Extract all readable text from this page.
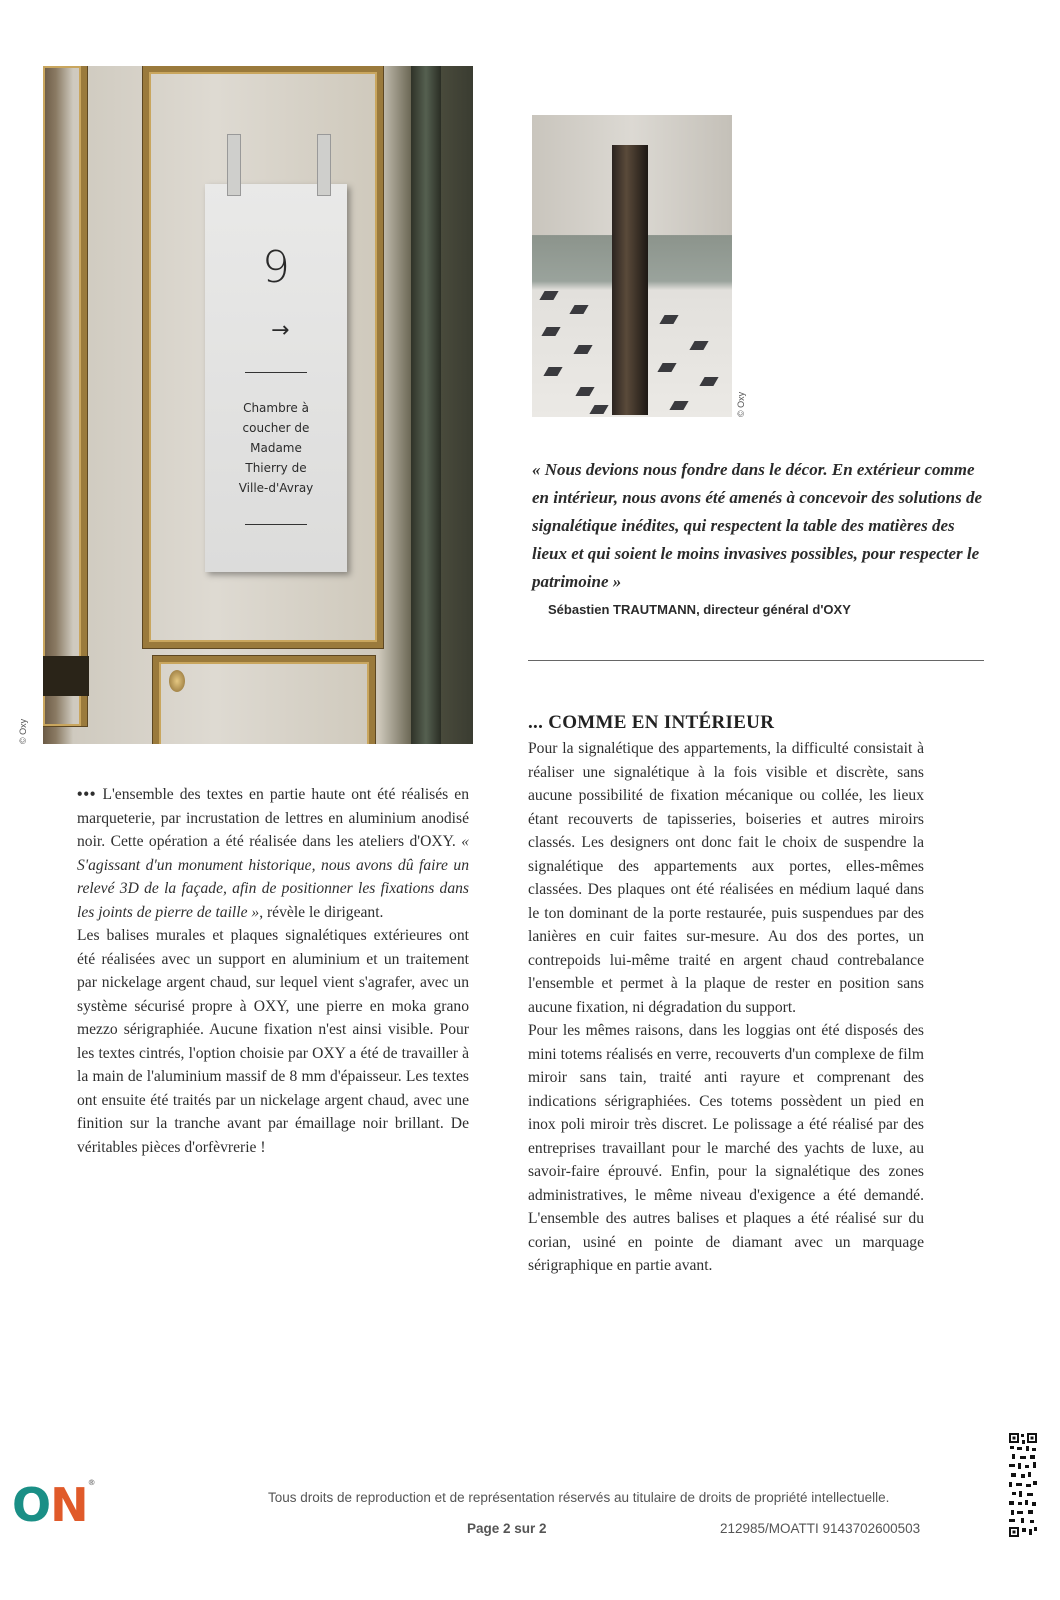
9
→
Chambre à
coucher de
Madame
Thierry de
Ville-d'Avray
© Oxy
© Oxy
« Nous devions nous fondre dans le décor. En extérieur comme en intérieur, nous avons été amenés à concevoir des solutions de signalétique inédites, qui respectent la table des matières des lieux et qui soient le moins invasives possibles, pour respecter le patrimoine »
Sébastien TRAUTMANN, directeur général d'OXY

••• L'ensemble des textes en partie haute ont été réalisés en marqueterie, par incrustation de lettres en aluminium anodisé noir. Cette opération a été réalisée dans les ateliers d'OXY. « S'agissant d'un monument historique, nous avons dû faire un relevé 3D de la façade, afin de positionner les fixations dans les joints de pierre de taille », révèle le dirigeant.

Les balises murales et plaques signalétiques extérieures ont été réalisées avec un support en aluminium et un traitement par nickelage argent chaud, sur lequel vient s'agrafer, avec un système sécurisé propre à OXY, une pierre en moka grano mezzo sérigraphiée. Aucune fixation n'est ainsi visible. Pour les textes cintrés, l'option choisie par OXY a été de travailler à la main de l'aluminium massif de 8 mm d'épaisseur. Les textes ont ensuite été traités par un nickelage argent chaud, avec une finition sur la tranche avant par émaillage noir brillant. De véritables pièces d'orfèvrerie !

... COMME EN INTÉRIEUR

Pour la signalétique des appartements, la difficulté consistait à réaliser une signalétique à la fois visible et discrète, sans aucune possibilité de fixation mécanique ou collée, les lieux étant recouverts de tapisseries, boiseries et autres miroirs classés. Les designers ont donc fait le choix de suspendre la signalétique des appartements aux portes, elles-mêmes classées. Des plaques ont été réalisées en médium laqué dans le ton dominant de la porte restaurée, puis suspendues par des lanières en cuir faites sur-mesure. Au dos des portes, un contrepoids lui-même traité en argent chaud contrebalance l'ensemble et permet à la plaque de rester en position sans aucune fixation, ni dégradation du support.

Pour les mêmes raisons, dans les loggias ont été disposés des mini totems réalisés en verre, recouverts d'un complexe de film miroir sans tain, traité anti rayure et comprenant des indications sérigraphiées. Ces totems possèdent un pied en inox poli miroir très discret. Le polissage a été réalisé par des entreprises travaillant pour le marché des yachts de luxe, au savoir-faire éprouvé. Enfin, pour la signalétique des zones administratives, le même niveau d'exigence a été demandé. L'ensemble des autres balises et plaques a été réalisé sur du corian, usiné en pointe de diamant avec un marquage sérigraphique en partie avant.

ON®
Tous droits de reproduction et de représentation réservés au titulaire de droits de propriété intellectuelle.
Page 2 sur 2	212985/MOATTI 9143702600503
